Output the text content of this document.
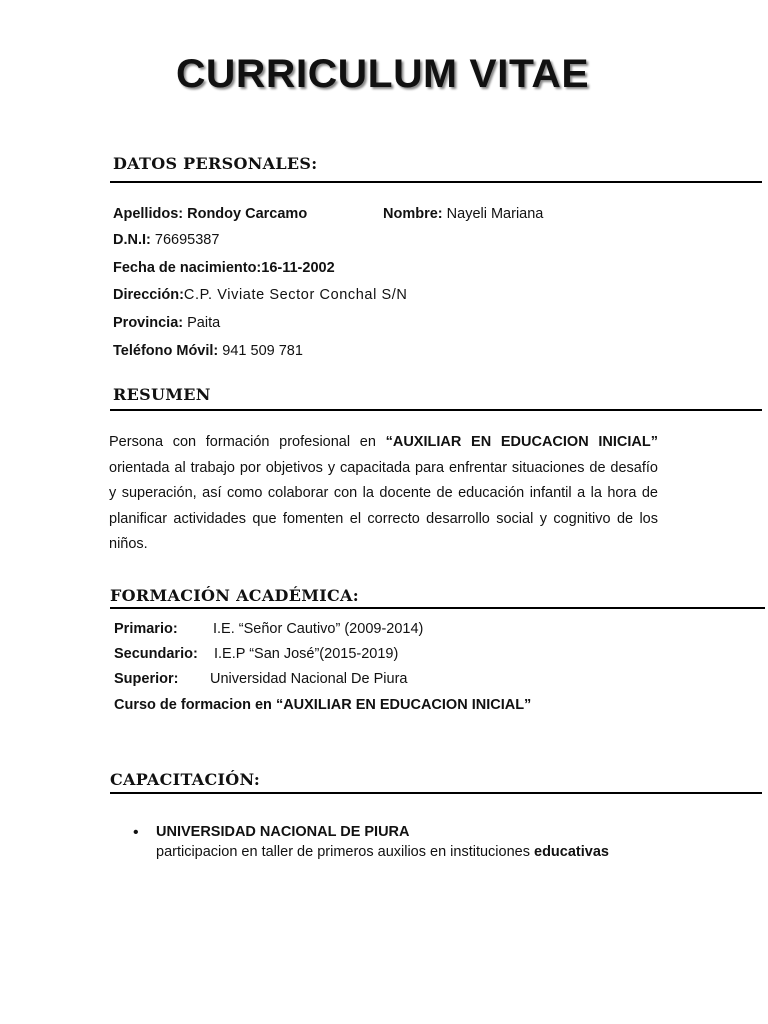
CURRICULUM VITAE
DATOS PERSONALES:
Apellidos: Rondoy Carcamo	Nombre: Nayeli Mariana
D.N.I: 76695387
Fecha de nacimiento:16-11-2002
Dirección:C.P. Viviate Sector Conchal S/N
Provincia: Paita
Teléfono Móvil: 941 509 781
RESUMEN
Persona con formación profesional en “AUXILIAR EN EDUCACION INICIAL” orientada al trabajo por objetivos y capacitada para enfrentar situaciones de desafío y superación, así como colaborar con la docente de educación infantil a la hora de planificar actividades que fomenten el correcto desarrollo social y cognitivo de los niños.
FORMACIÓN ACADÉMICA:
Primario: I.E. “Señor Cautivo” (2009-2014)
Secundario: I.E.P “San José”(2015-2019)
Superior: Universidad Nacional De Piura
Curso de formacion en “AUXILIAR EN EDUCACION INICIAL”
CAPACITACIÓN:
• UNIVERSIDAD NACIONAL DE PIURA
participacion en taller de primeros auxilios en instituciones educativas
